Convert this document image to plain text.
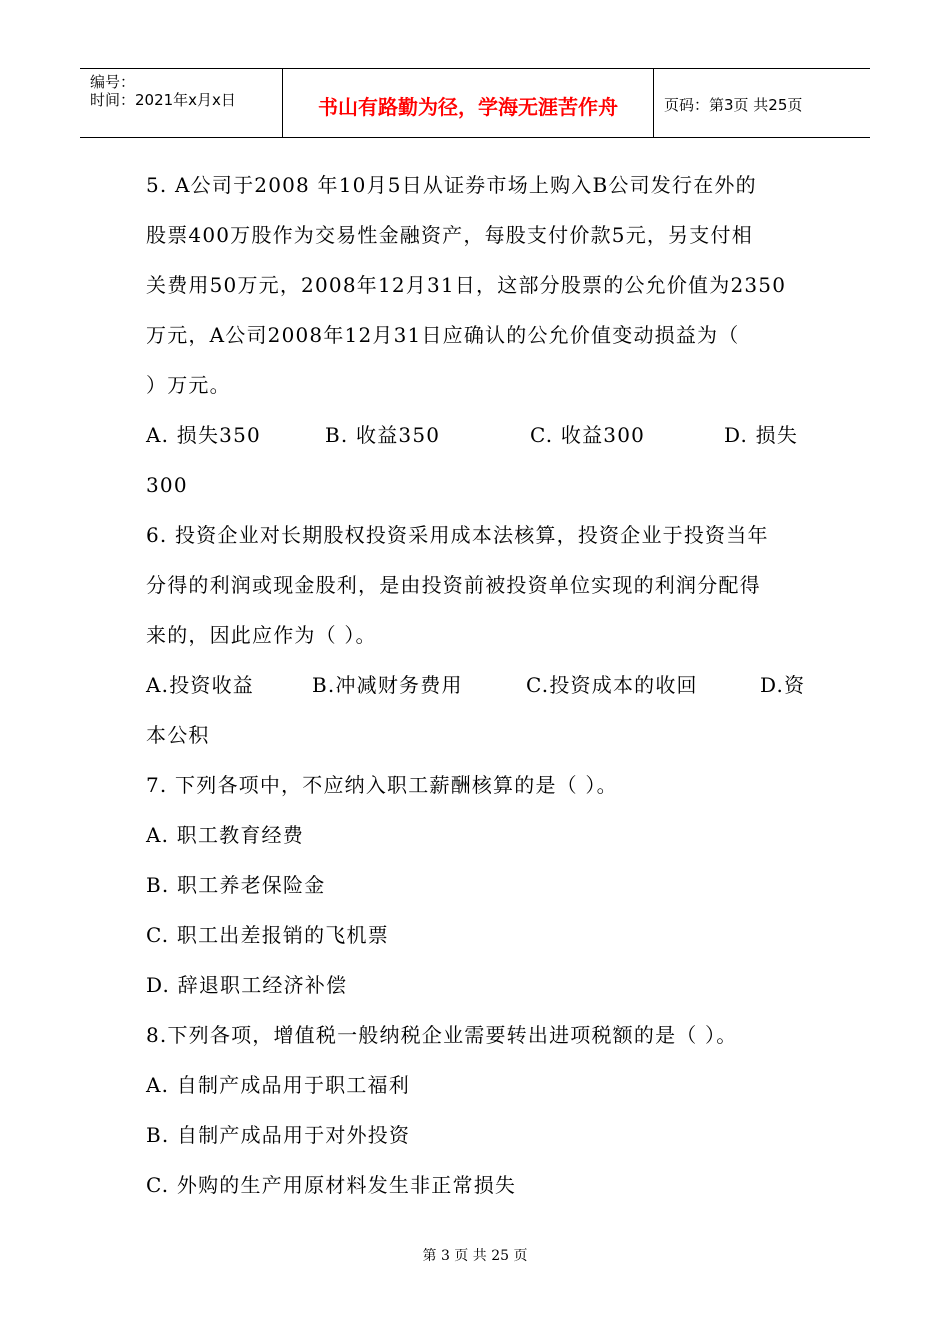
编号：
时间：2021年x月x日	书山有路勤为径，学海无涯苦作舟	页码：第3页 共25页
5. A公司于2008 年10月5日从证券市场上购入B公司发行在外的
股票400万股作为交易性金融资产，每股支付价款5元，另支付相
关费用50万元，2008年12月31日，这部分股票的公允价值为2350
万元，A公司2008年12月31日应确认的公允价值变动损益为（
）万元。
A. 损失350	B. 收益350	C. 收益300	D. 损失
300
6. 投资企业对长期股权投资采用成本法核算，投资企业于投资当年
分得的利润或现金股利，是由投资前被投资单位实现的利润分配得
来的，因此应作为（ ）。
A.投资收益	B.冲减财务费用	C.投资成本的收回	D.资
本公积
7. 下列各项中，不应纳入职工薪酬核算的是（ ）。
A. 职工教育经费
B. 职工养老保险金
C. 职工出差报销的飞机票
D. 辞退职工经济补偿
8.下列各项，增值税一般纳税企业需要转出进项税额的是（ ）。
A. 自制产成品用于职工福利
B. 自制产成品用于对外投资
C. 外购的生产用原材料发生非正常损失
第 3 页 共 25 页
